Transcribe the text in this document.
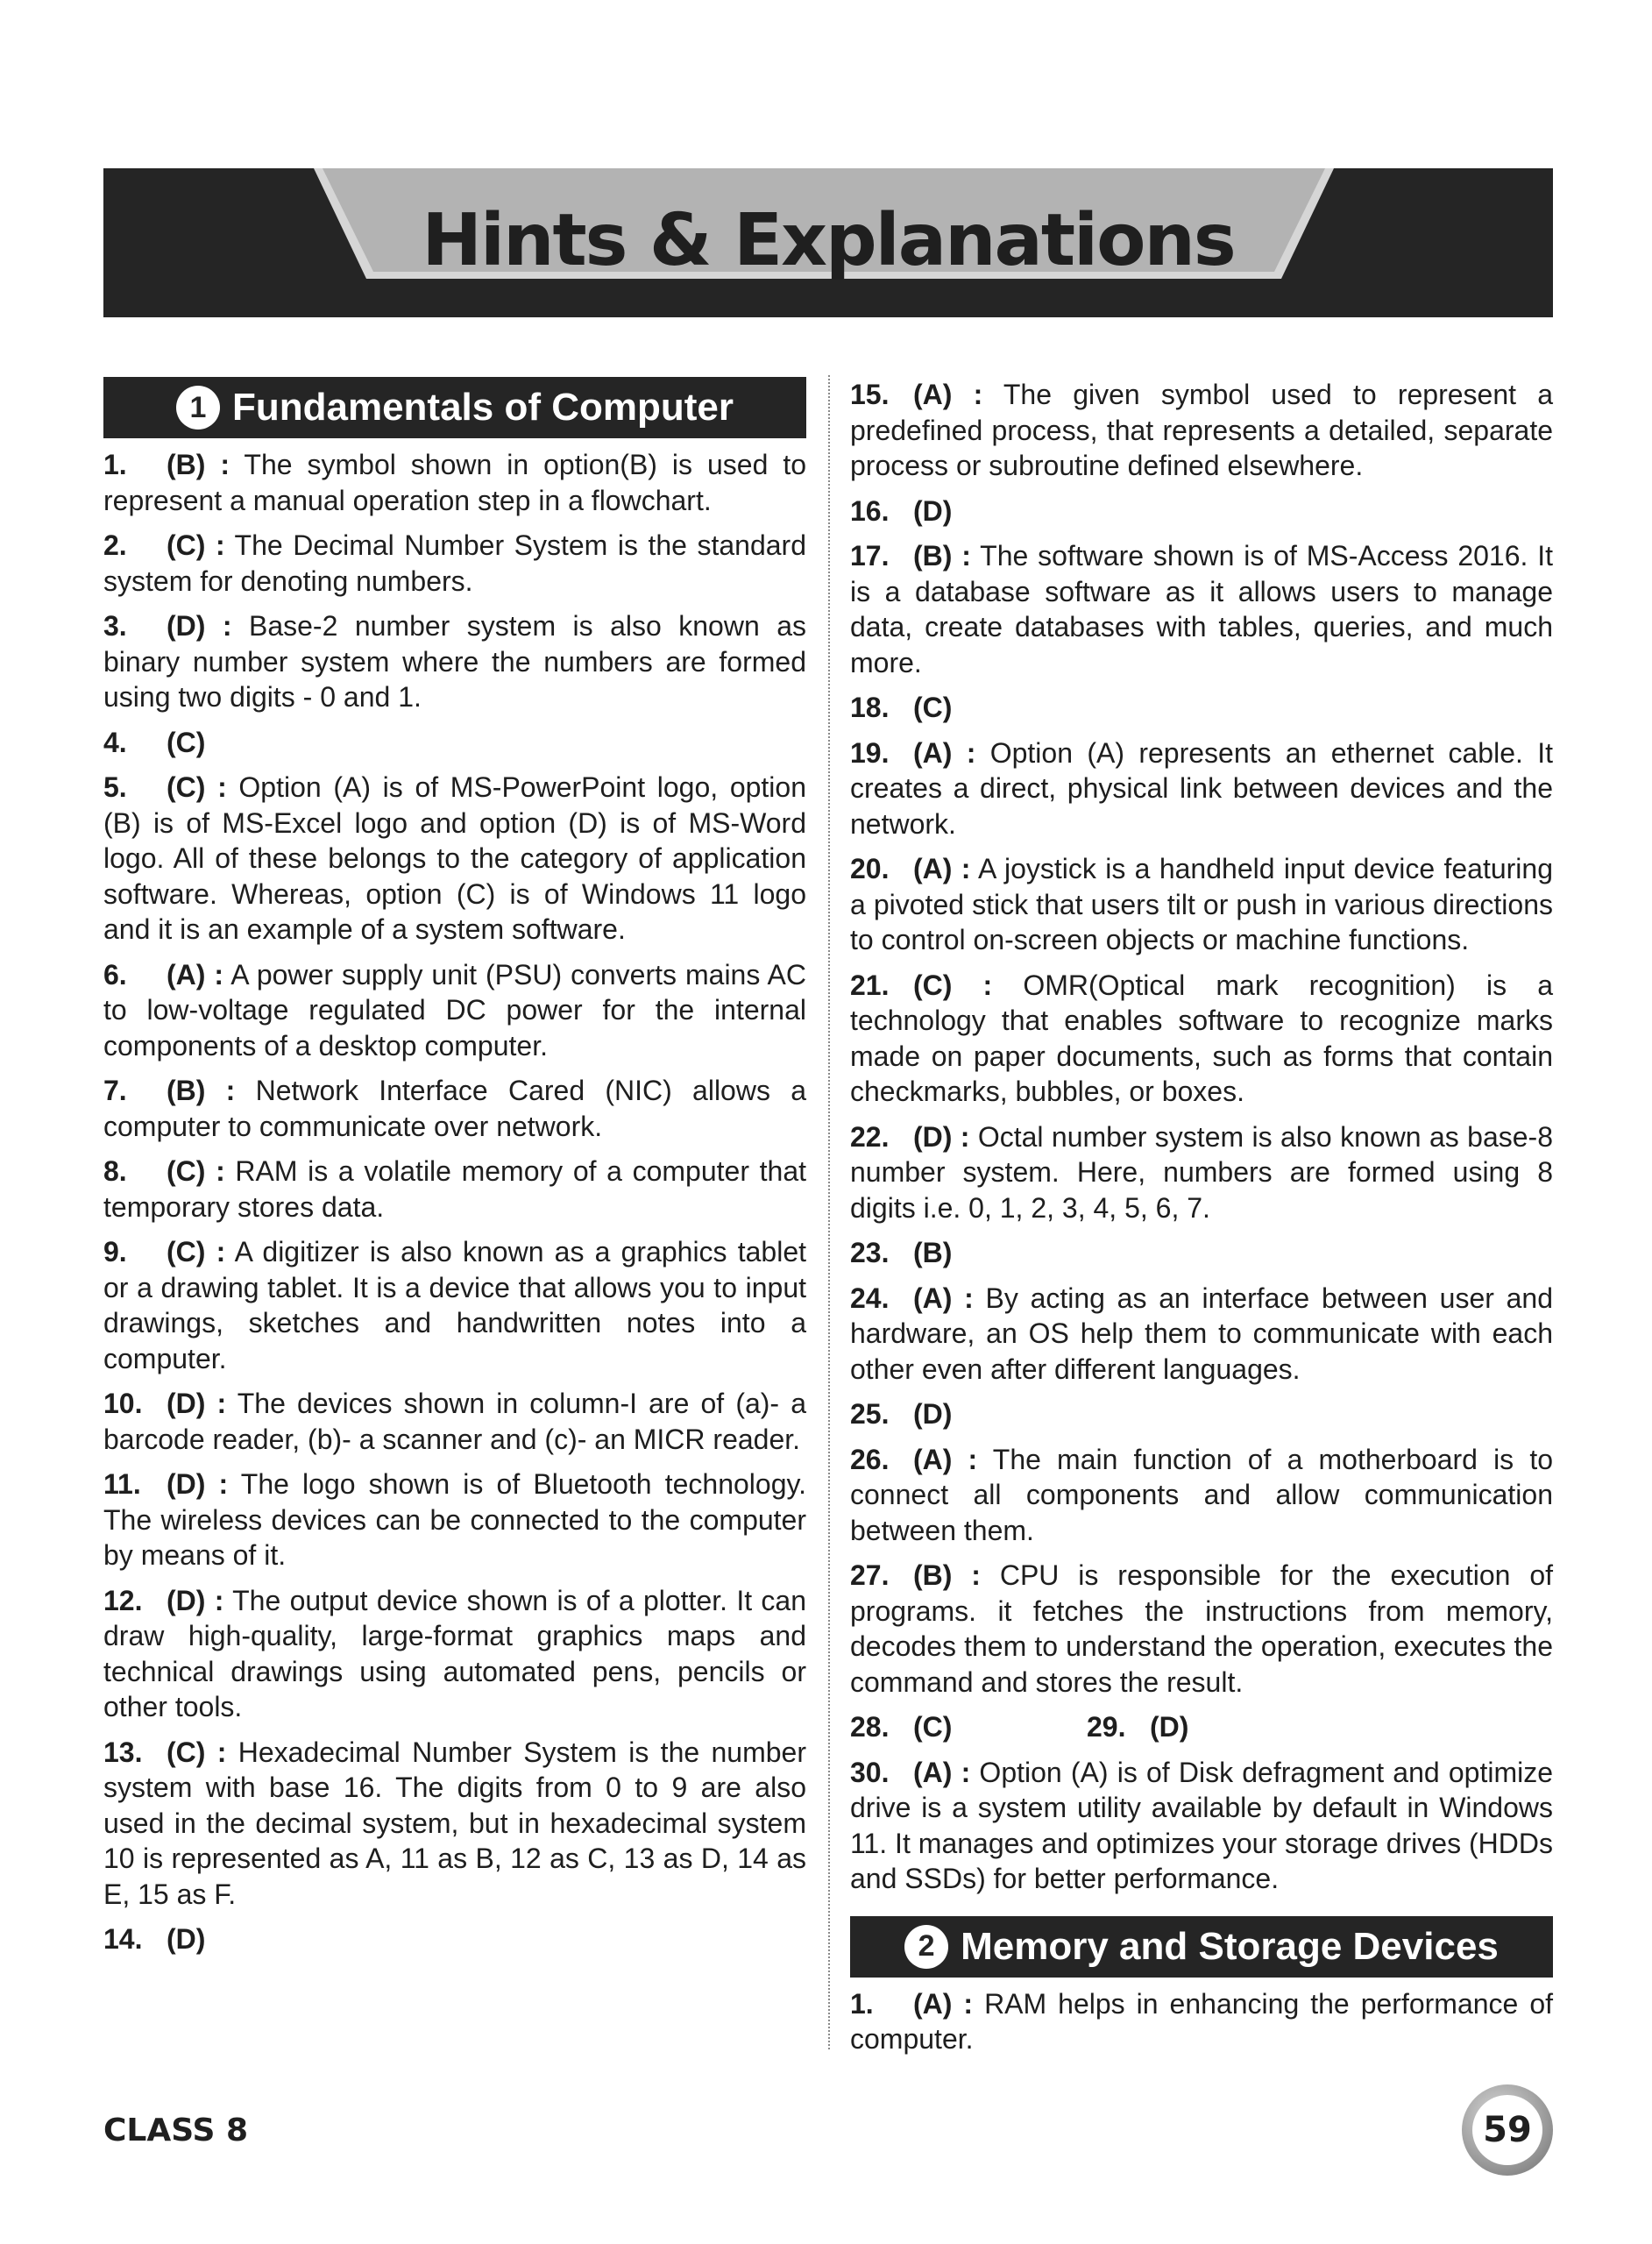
Hints & Explanations
1 Fundamentals of Computer

1. (B) : The symbol shown in option(B) is used to represent a manual operation step in a flowchart.

2. (C) : The Decimal Number System is the standard system for denoting numbers.

3. (D) : Base-2 number system is also known as binary number system where the numbers are formed using two digits - 0 and 1.

4. (C)

5. (C) : Option (A) is of MS-PowerPoint logo, option (B) is of MS-Excel logo and option (D) is of MS-Word logo. All of these belongs to the category of application software. Whereas, option (C) is of Windows 11 logo and it is an example of a system software.

6. (A) : A power supply unit (PSU) converts mains AC to low-voltage regulated DC power for the internal components of a desktop computer.

7. (B) : Network Interface Cared (NIC) allows a computer to communicate over network.

8. (C) : RAM is a volatile memory of a computer that temporary stores data.

9. (C) : A digitizer is also known as a graphics tablet or a drawing tablet. It is a device that allows you to input drawings, sketches and handwritten notes into a computer.

10. (D) : The devices shown in column-I are of (a)- a barcode reader, (b)- a scanner and (c)- an MICR reader.

11. (D) : The logo shown is of Bluetooth technology. The wireless devices can be connected to the computer by means of it.

12. (D) : The output device shown is of a plotter. It can draw high-quality, large-format graphics maps and technical drawings using automated pens, pencils or other tools.

13. (C) : Hexadecimal Number System is the number system with base 16. The digits from 0 to 9 are also used in the decimal system, but in hexadecimal system 10 is represented as A, 11 as B, 12 as C, 13 as D, 14 as E, 15 as F.

14. (D)

15. (A) : The given symbol used to represent a predefined process, that represents a detailed, separate process or subroutine defined elsewhere.

16. (D)

17. (B) : The software shown is of MS-Access 2016. It is a database software as it allows users to manage data, create databases with tables, queries, and much more.

18. (C)

19. (A) : Option (A) represents an ethernet cable. It creates a direct, physical link between devices and the network.

20. (A) : A joystick is a handheld input device featuring a pivoted stick that users tilt or push in various directions to control on-screen objects or machine functions.

21. (C) : OMR(Optical mark recognition) is a technology that enables software to recognize marks made on paper documents, such as forms that contain checkmarks, bubbles, or boxes.

22. (D) : Octal number system is also known as base-8 number system. Here, numbers are formed using 8 digits i.e. 0, 1, 2, 3, 4, 5, 6, 7.

23. (B)

24. (A) : By acting as an interface between user and hardware, an OS help them to communicate with each other even after different languages.

25. (D)

26. (A) : The main function of a motherboard is to connect all components and allow communication between them.

27. (B) : CPU is responsible for the execution of programs. it fetches the instructions from memory, decodes them to understand the operation, executes the command and stores the result.

28. (C)	29. (D)

30. (A) : Option (A) is of Disk defragment and optimize drive is a system utility available by default in Windows 11. It manages and optimizes your storage drives (HDDs and SSDs) for better performance.

2 Memory and Storage Devices

1. (A) : RAM helps in enhancing the performance of computer.

CLASS 8	59
